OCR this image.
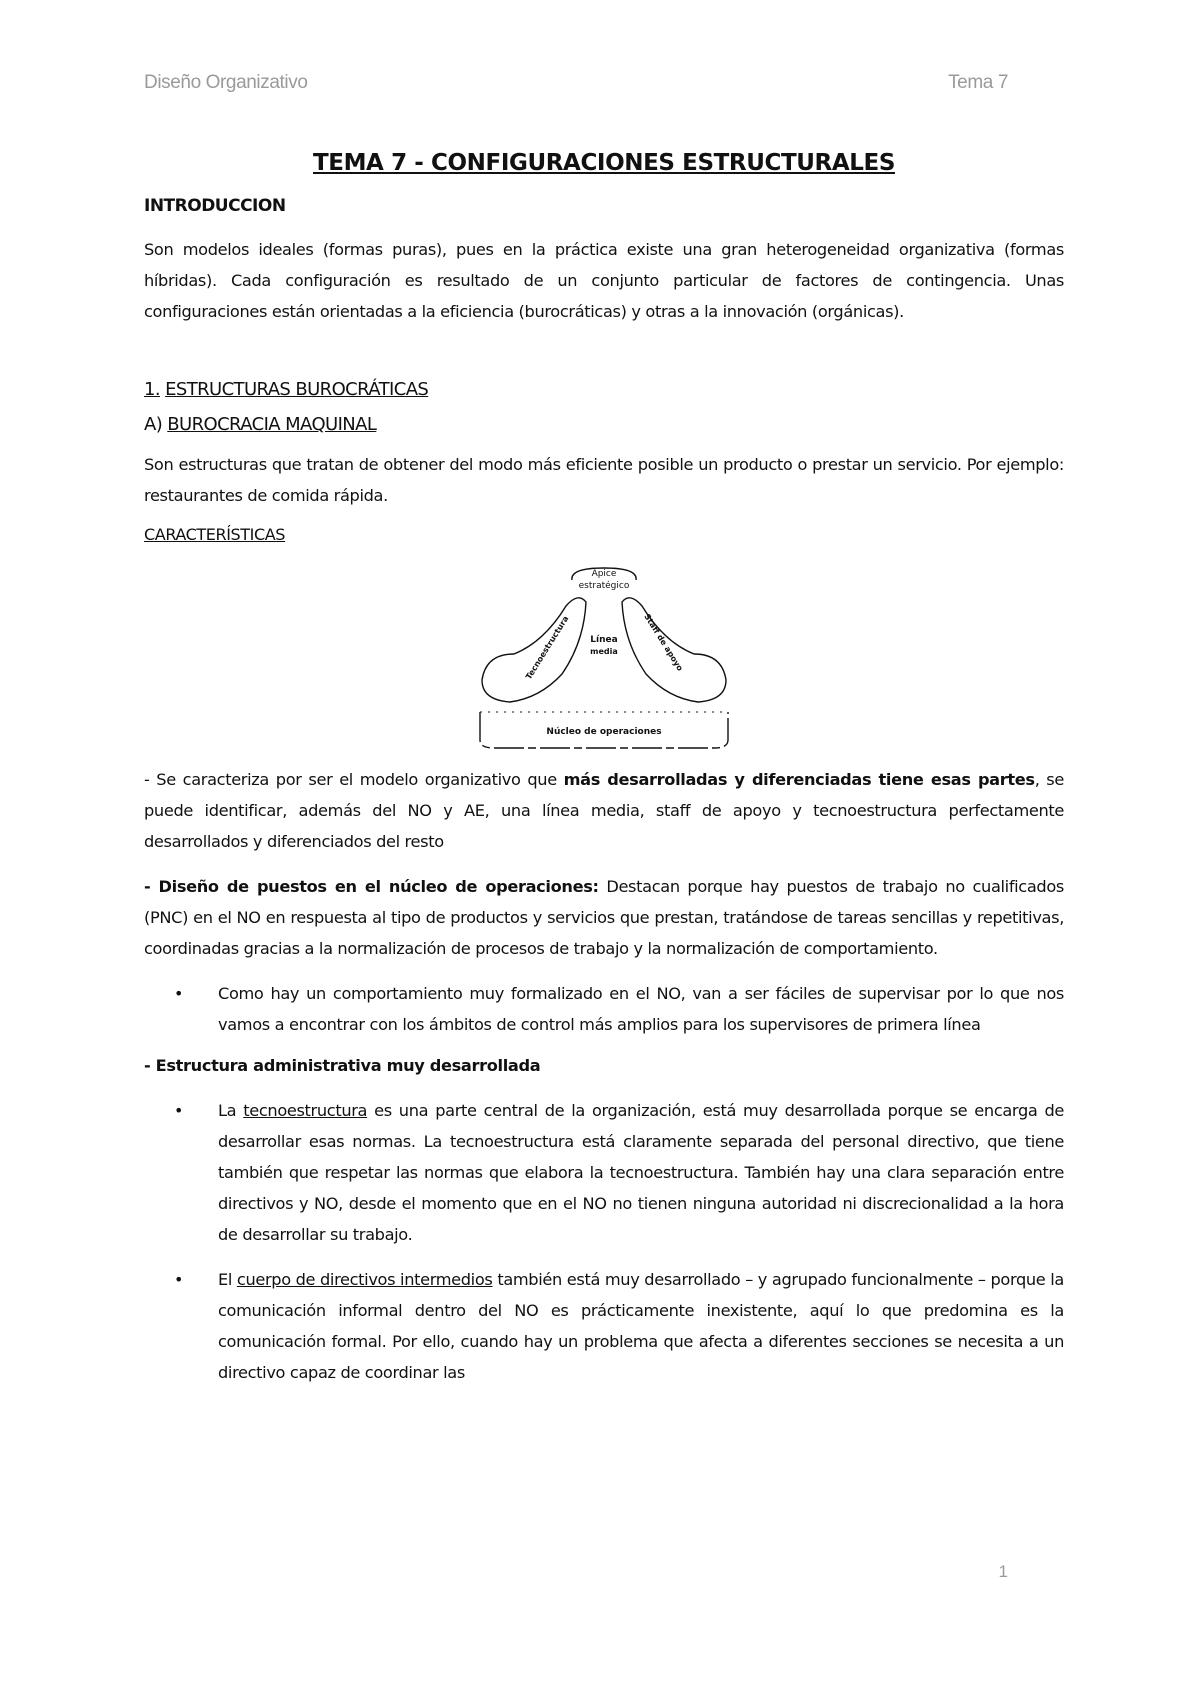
Diseño Organizativo	Tema 7
TEMA 7 - CONFIGURACIONES ESTRUCTURALES
INTRODUCCION

Son modelos ideales (formas puras), pues en la práctica existe una gran heterogeneidad organizativa (formas híbridas). Cada configuración es resultado de un conjunto particular de factores de contingencia. Unas configuraciones están orientadas a la eficiencia (burocráticas) y otras a la innovación (orgánicas).

1. ESTRUCTURAS BUROCRÁTICAS
A) BUROCRACIA MAQUINAL

Son estructuras que tratan de obtener del modo más eficiente posible un producto o prestar un servicio. Por ejemplo: restaurantes de comida rápida.

CARACTERÍSTICAS
Ápice
estratégico
Tecnoestructura	Staff de apoyo
Línea
media
Núcleo de operaciones

- Se caracteriza por ser el modelo organizativo que más desarrolladas y diferenciadas tiene esas partes, se puede identificar, además del NO y AE, una línea media, staff de apoyo y tecnoestructura perfectamente desarrollados y diferenciados del resto

- Diseño de puestos en el núcleo de operaciones: Destacan porque hay puestos de trabajo no cualificados (PNC) en el NO en respuesta al tipo de productos y servicios que prestan, tratándose de tareas sencillas y repetitivas, coordinadas gracias a la normalización de procesos de trabajo y la normalización de comportamiento.

•	Como hay un comportamiento muy formalizado en el NO, van a ser fáciles de supervisar por lo que nos vamos a encontrar con los ámbitos de control más amplios para los supervisores de primera línea

- Estructura administrativa muy desarrollada

•	La tecnoestructura es una parte central de la organización, está muy desarrollada porque se encarga de desarrollar esas normas. La tecnoestructura está claramente separada del personal directivo, que tiene también que respetar las normas que elabora la tecnoestructura. También hay una clara separación entre directivos y NO, desde el momento que en el NO no tienen ninguna autoridad ni discrecionalidad a la hora de desarrollar su trabajo.

•	El cuerpo de directivos intermedios también está muy desarrollado – y agrupado funcionalmente – porque la comunicación informal dentro del NO es prácticamente inexistente, aquí lo que predomina es la comunicación formal. Por ello, cuando hay un problema que afecta a diferentes secciones se necesita a un directivo capaz de coordinar las

1
